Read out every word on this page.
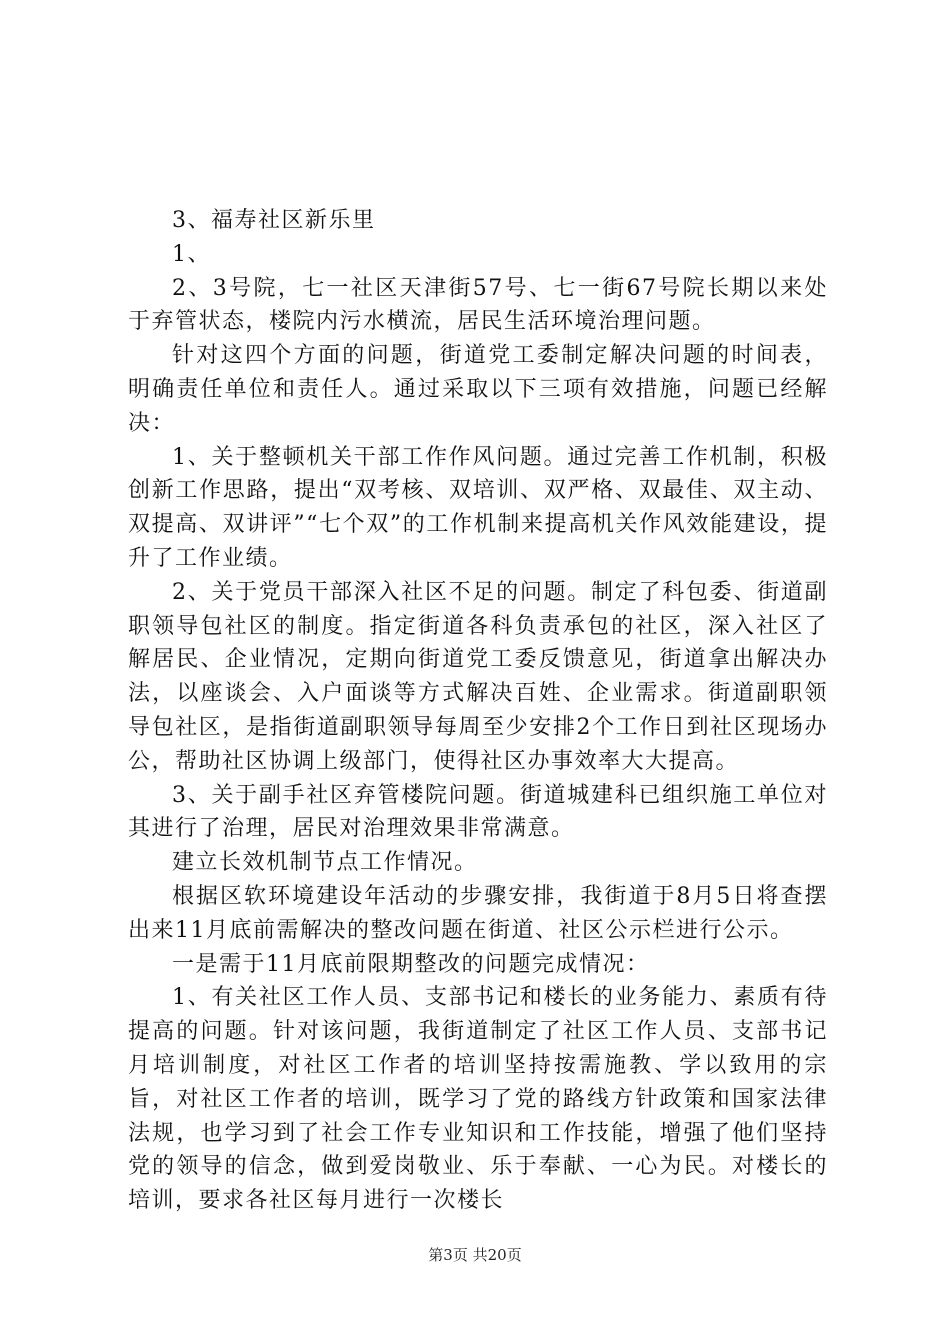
3、福寿社区新乐里

1、

2、3号院，七一社区天津街57号、七一街67号院长期以来处于弃管状态，楼院内污水横流，居民生活环境治理问题。

针对这四个方面的问题，街道党工委制定解决问题的时间表，明确责任单位和责任人。通过采取以下三项有效措施，问题已经解决：

1、关于整顿机关干部工作作风问题。通过完善工作机制，积极创新工作思路，提出“双考核、双培训、双严格、双最佳、双主动、双提高、双讲评”“七个双”的工作机制来提高机关作风效能建设，提升了工作业绩。

2、关于党员干部深入社区不足的问题。制定了科包委、街道副职领导包社区的制度。指定街道各科负责承包的社区，深入社区了解居民、企业情况，定期向街道党工委反馈意见，街道拿出解决办法，以座谈会、入户面谈等方式解决百姓、企业需求。街道副职领导包社区，是指街道副职领导每周至少安排2个工作日到社区现场办公，帮助社区协调上级部门，使得社区办事效率大大提高。

3、关于副手社区弃管楼院问题。街道城建科已组织施工单位对其进行了治理，居民对治理效果非常满意。

建立长效机制节点工作情况。

根据区软环境建设年活动的步骤安排，我街道于8月5日将查摆出来11月底前需解决的整改问题在街道、社区公示栏进行公示。

一是需于11月底前限期整改的问题完成情况：

1、有关社区工作人员、支部书记和楼长的业务能力、素质有待提高的问题。针对该问题，我街道制定了社区工作人员、支部书记月培训制度，对社区工作者的培训坚持按需施教、学以致用的宗旨，对社区工作者的培训，既学习了党的路线方针政策和国家法律法规，也学习到了社会工作专业知识和工作技能，增强了他们坚持党的领导的信念，做到爱岗敬业、乐于奉献、一心为民。对楼长的培训，要求各社区每月进行一次楼长

第3页 共20页
